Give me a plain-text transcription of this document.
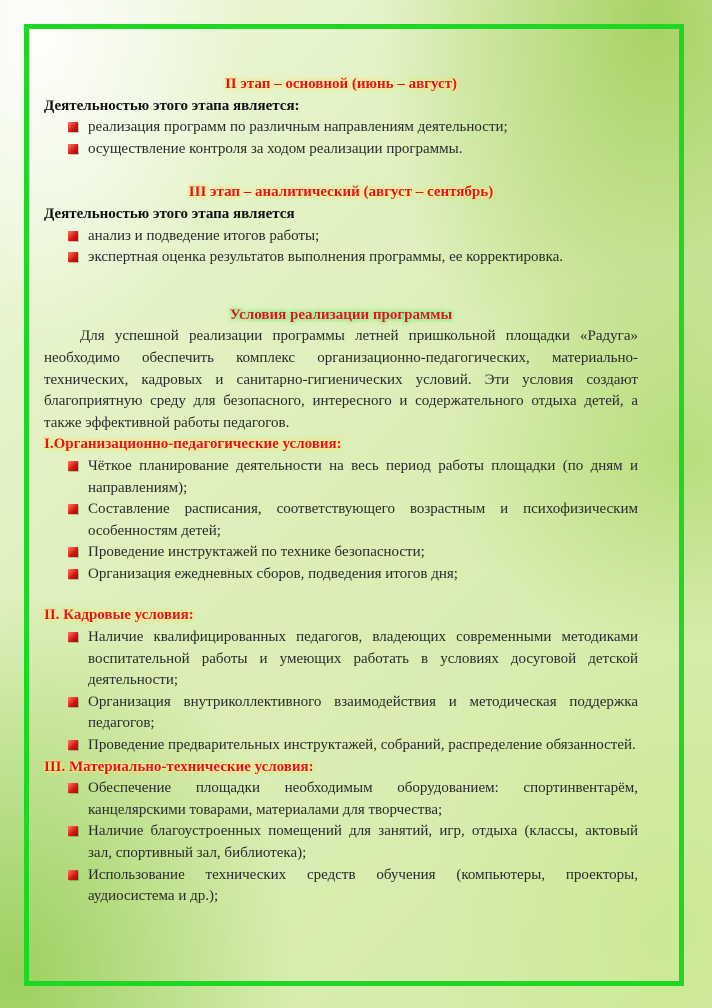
II этап – основной (июнь – август)

Деятельностью этого этапа является:

реализация программ по различным направлениям деятельности;
осуществление контроля за ходом реализации программы.

III этап – аналитический (август – сентябрь)

Деятельностью этого этапа является

анализ и подведение итогов работы;
экспертная оценка результатов выполнения программы, ее корректировка.

Условия реализации программы

Для успешной реализации программы летней пришкольной площадки «Радуга» необходимо обеспечить комплекс организационно-педагогических, материально-технических, кадровых и санитарно-гигиенических условий. Эти условия создают благоприятную среду для безопасного, интересного и содержательного отдыха детей, а также эффективной работы педагогов.

I.Организационно-педагогические условия:

Чёткое планирование деятельности на весь период работы площадки (по дням и направлениям);
Составление расписания, соответствующего возрастным и психофизическим особенностям детей;
Проведение инструктажей по технике безопасности;
Организация ежедневных сборов, подведения итогов дня;

II. Кадровые условия:

Наличие квалифицированных педагогов, владеющих современными методиками воспитательной работы и умеющих работать в условиях досуговой детской деятельности;
Организация внутриколлективного взаимодействия и методическая поддержка педагогов;
Проведение предварительных инструктажей, собраний, распределение обязанностей.

III. Материально-технические условия:

Обеспечение площадки необходимым оборудованием: спортинвентарём, канцелярскими товарами, материалами для творчества;
Наличие благоустроенных помещений для занятий, игр, отдыха (классы, актовый зал, спортивный зал, библиотека);
Использование технических средств обучения (компьютеры, проекторы, аудиосистема и др.);
